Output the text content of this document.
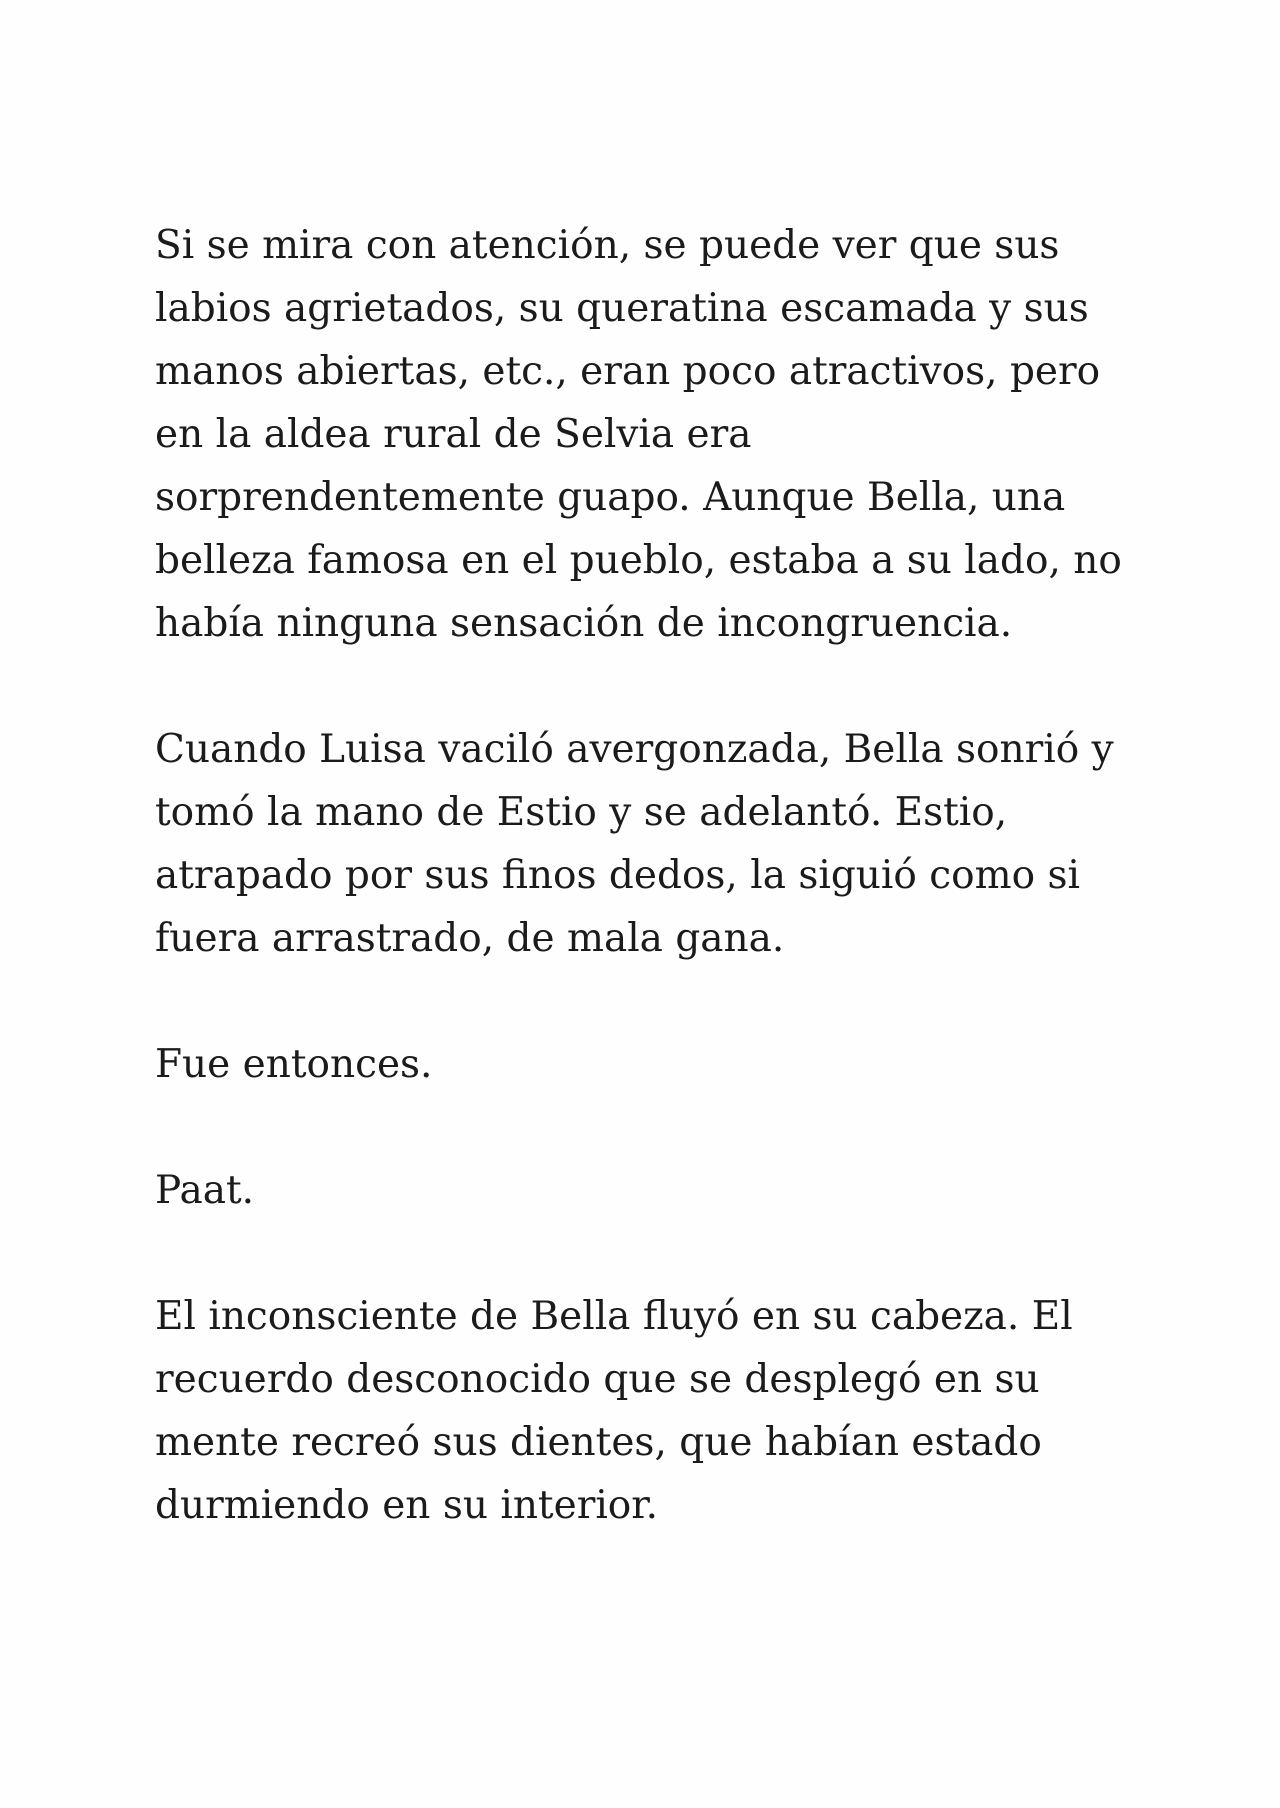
Si se mira con atención, se puede ver que sus
labios agrietados, su queratina escamada y sus
manos abiertas, etc., eran poco atractivos, pero
en la aldea rural de Selvia era
sorprendentemente guapo. Aunque Bella, una
belleza famosa en el pueblo, estaba a su lado, no
había ninguna sensación de incongruencia.

Cuando Luisa vaciló avergonzada, Bella sonrió y
tomó la mano de Estio y se adelantó. Estio,
atrapado por sus finos dedos, la siguió como si
fuera arrastrado, de mala gana.

Fue entonces.

Paat.

El inconsciente de Bella fluyó en su cabeza. El
recuerdo desconocido que se desplegó en su
mente recreó sus dientes, que habían estado
durmiendo en su interior.
